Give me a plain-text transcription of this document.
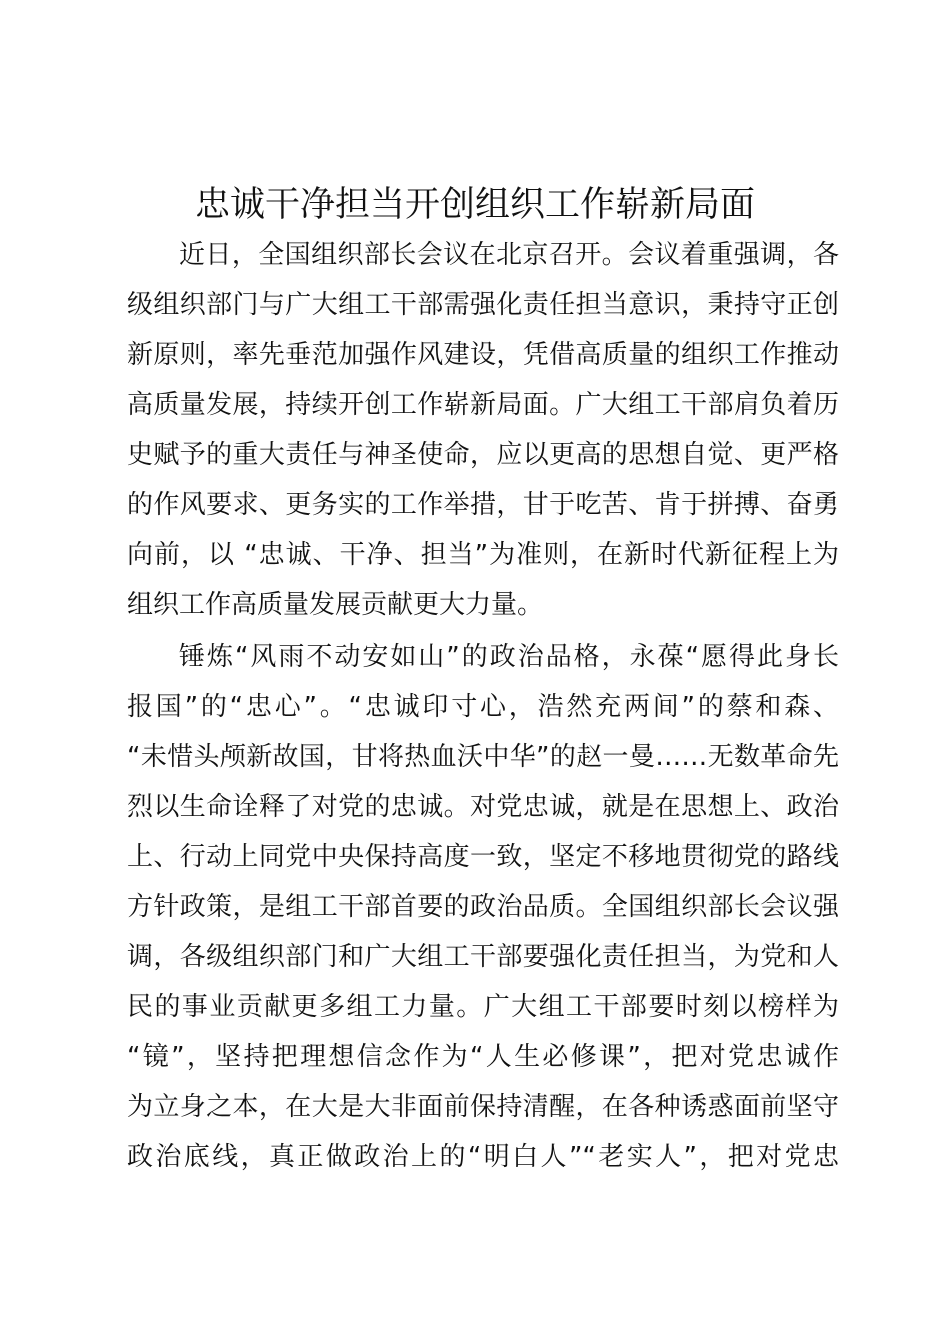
忠诚干净担当开创组织工作崭新局面
近日，全国组织部长会议在北京召开。会议着重强调，各
级组织部门与广大组工干部需强化责任担当意识，秉持守正创
新原则，率先垂范加强作风建设，凭借高质量的组织工作推动
高质量发展，持续开创工作崭新局面。广大组工干部肩负着历
史赋予的重大责任与神圣使命，应以更高的思想自觉、更严格
的作风要求、更务实的工作举措，甘于吃苦、肯于拼搏、奋勇
向前，以 “忠诚、干净、担当”为准则，在新时代新征程上为
组织工作高质量发展贡献更大力量。
锤炼“风雨不动安如山”的政治品格，永葆“愿得此身长
报国”的“忠心”。“忠诚印寸心，浩然充两间”的蔡和森、
“未惜头颅新故国，甘将热血沃中华”的赵一曼……无数革命先
烈以生命诠释了对党的忠诚。对党忠诚，就是在思想上、政治
上、行动上同党中央保持高度一致，坚定不移地贯彻党的路线
方针政策，是组工干部首要的政治品质。全国组织部长会议强
调，各级组织部门和广大组工干部要强化责任担当，为党和人
民的事业贡献更多组工力量。广大组工干部要时刻以榜样为
“镜”，坚持把理想信念作为“人生必修课”，把对党忠诚作
为立身之本，在大是大非面前保持清醒，在各种诱惑面前坚守
政治底线，真正做政治上的“明白人”“老实人”，把对党忠
